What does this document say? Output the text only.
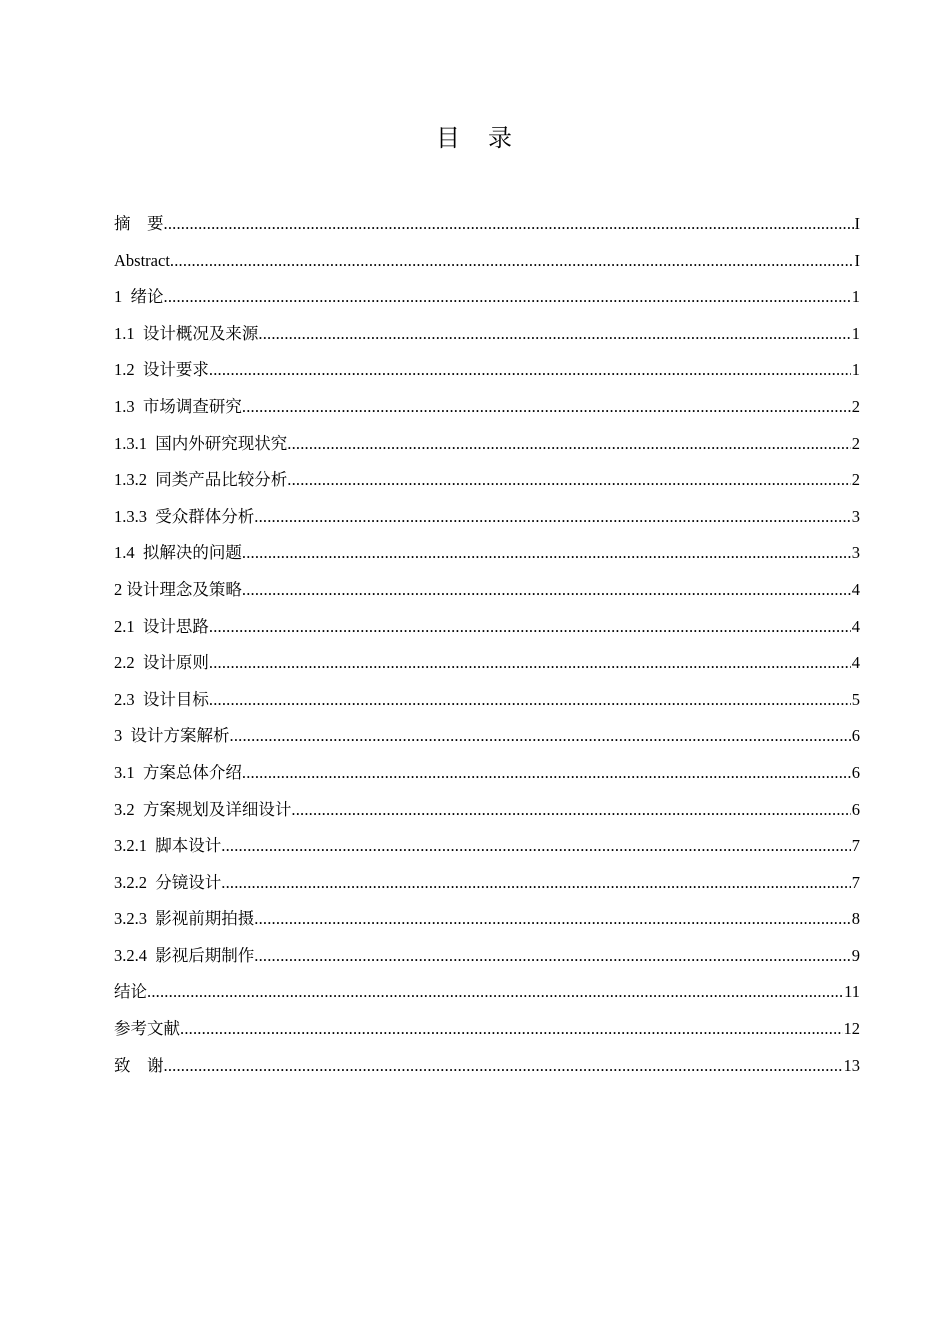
目　录
摘　要 .....	I
Abstract .....	I
1  绪论 .....	1
1.1  设计概况及来源 .....	1
1.2  设计要求 .....	1
1.3  市场调查研究 .....	2
1.3.1  国内外研究现状究 .....	2
1.3.2  同类产品比较分析 .....	2
1.3.3  受众群体分析 .....	3
1.4  拟解决的问题 .....	3
2 设计理念及策略 .....	4
2.1  设计思路 .....	4
2.2  设计原则 .....	4
2.3  设计目标 .....	5
3  设计方案解析 .....	6
3.1  方案总体介绍 .....	6
3.2  方案规划及详细设计 .....	6
3.2.1  脚本设计 .....	7
3.2.2  分镜设计 .....	7
3.2.3  影视前期拍摄 .....	8
3.2.4  影视后期制作 .....	9
结论 .....	11
参考文献 .....	12
致　谢 .....	13
